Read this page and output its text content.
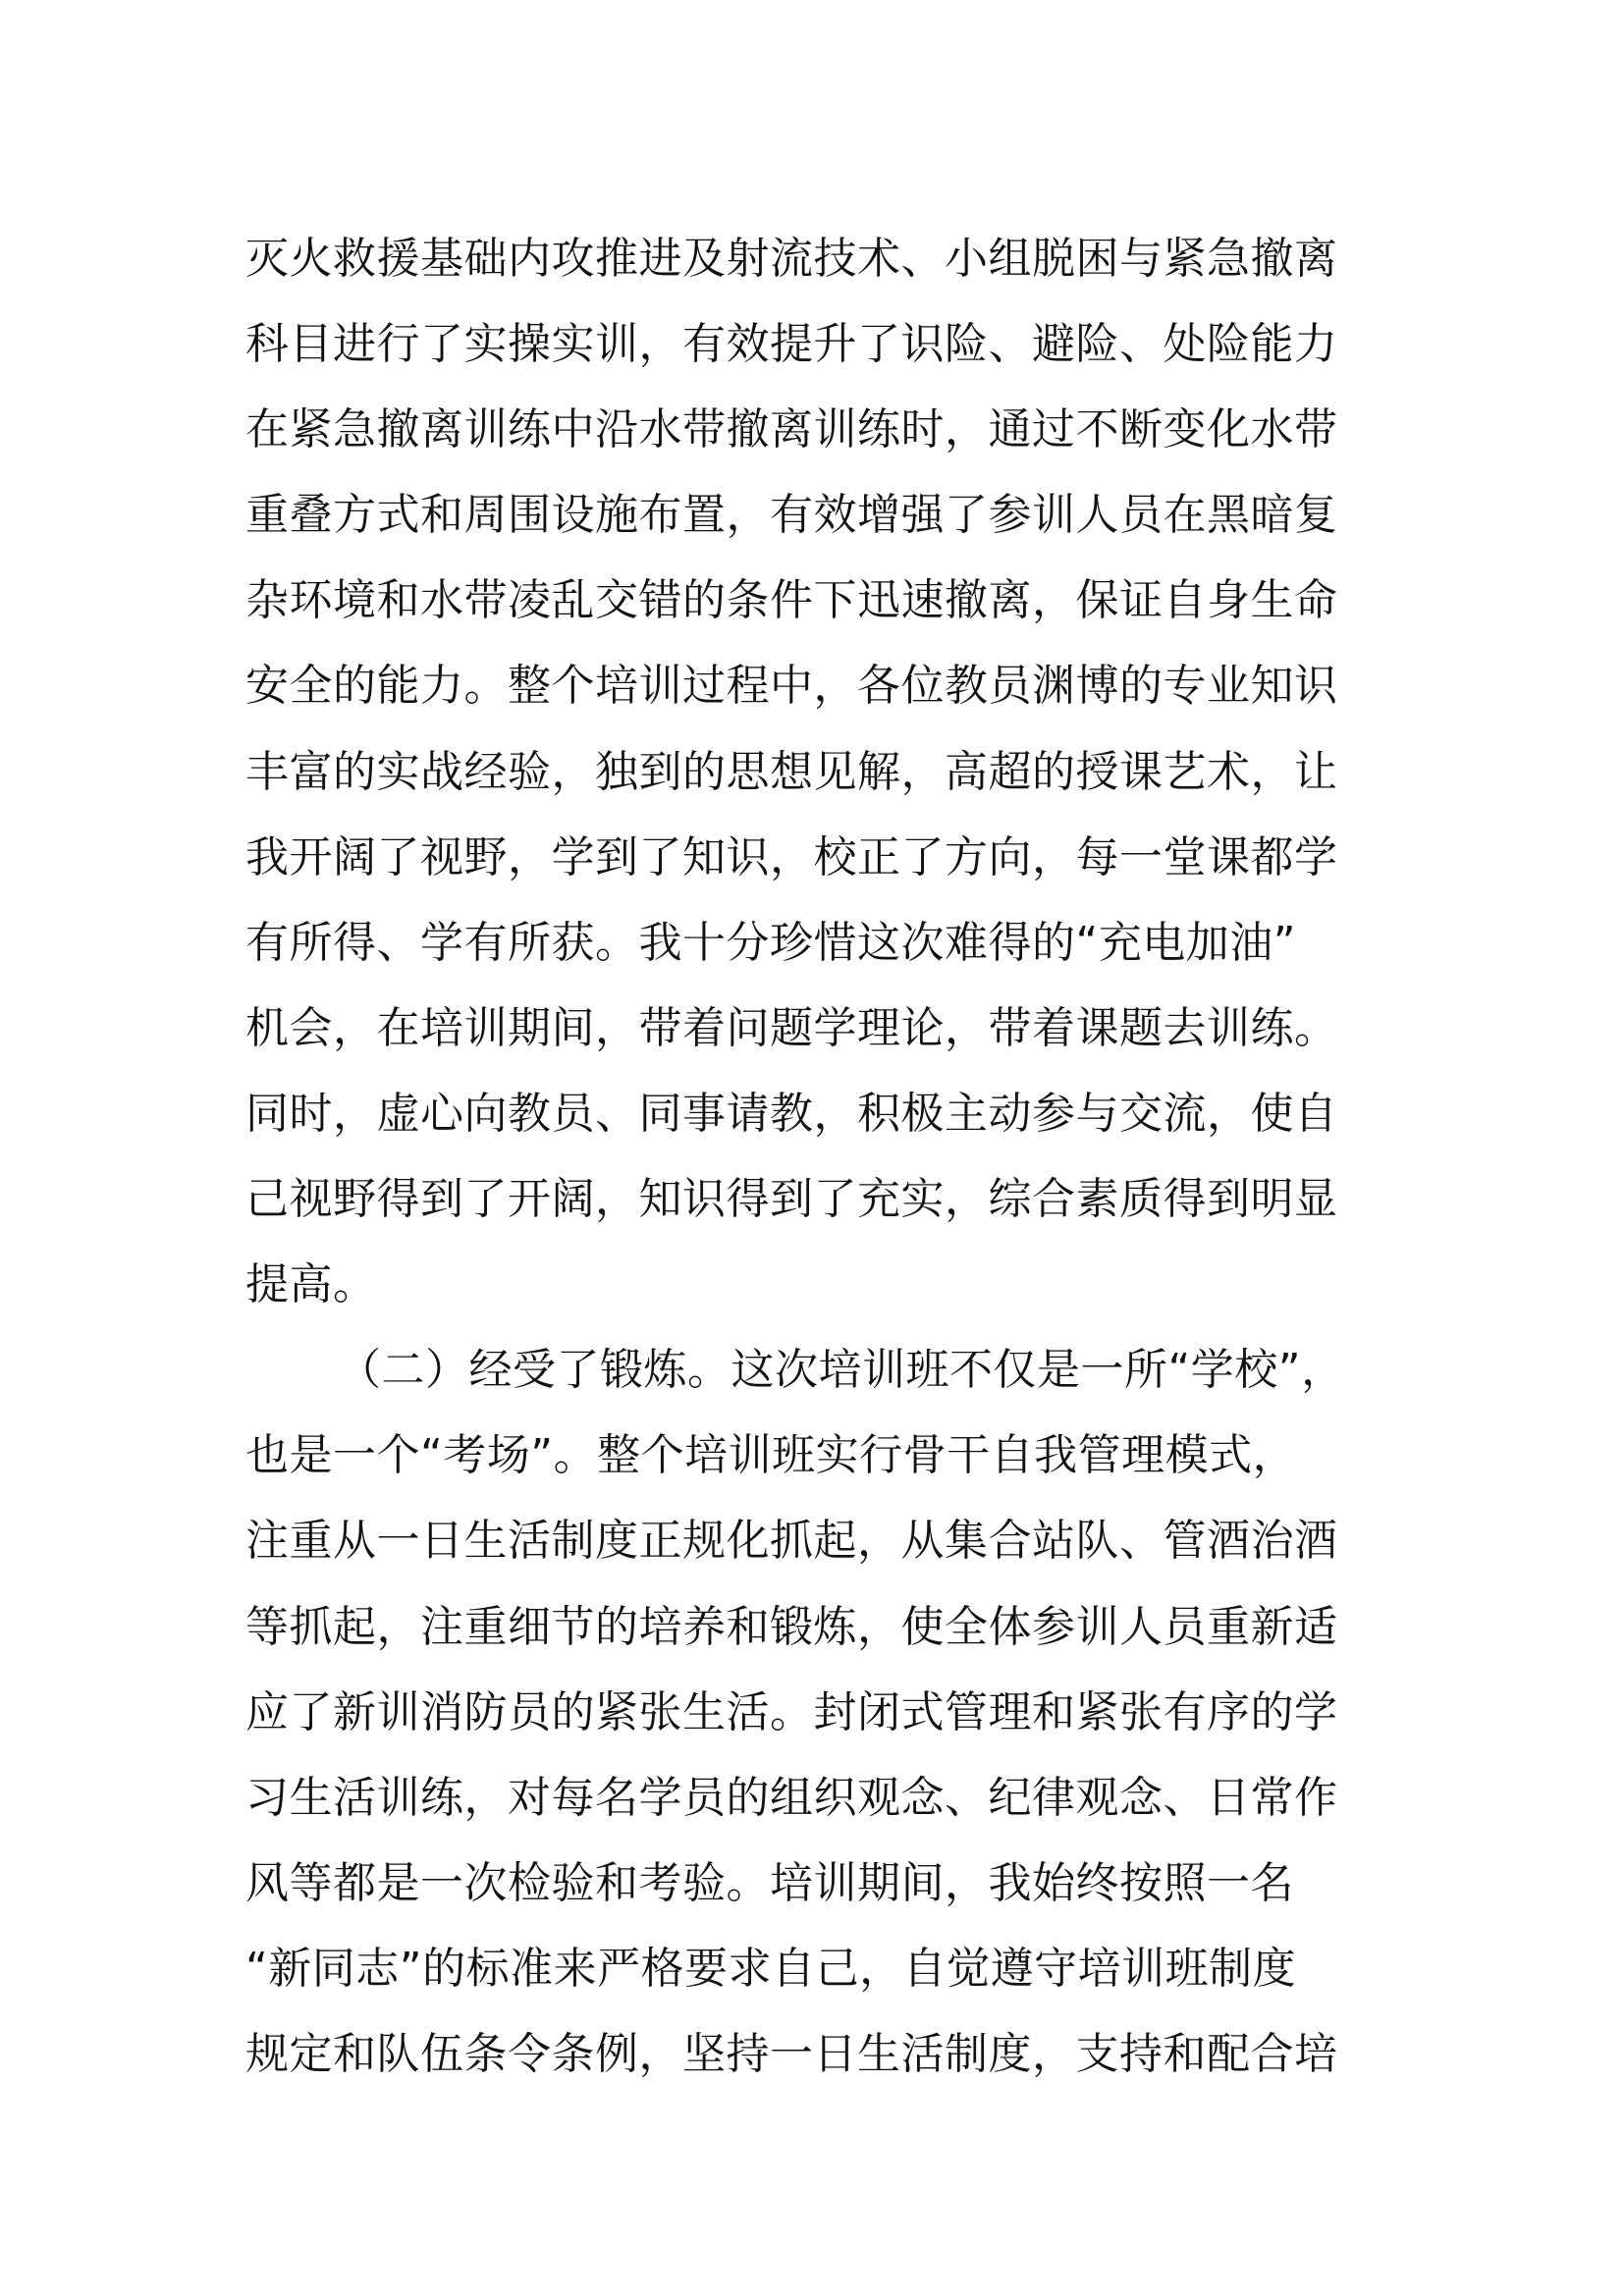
灭火救援基础内攻推进及射流技术、小组脱困与紧急撤离
科目进行了实操实训，有效提升了识险、避险、处险能力
在紧急撤离训练中沿水带撤离训练时，通过不断变化水带
重叠方式和周围设施布置，有效增强了参训人员在黑暗复
杂环境和水带凌乱交错的条件下迅速撤离，保证自身生命
安全的能力。整个培训过程中，各位教员渊博的专业知识
丰富的实战经验，独到的思想见解，高超的授课艺术，让
我开阔了视野，学到了知识，校正了方向，每一堂课都学
有所得、学有所获。我十分珍惜这次难得的“充电加油”
机会，在培训期间，带着问题学理论，带着课题去训练。
同时，虚心向教员、同事请教，积极主动参与交流，使自
己视野得到了开阔，知识得到了充实，综合素质得到明显
提高。
（二）经受了锻炼。这次培训班不仅是一所“学校”，
也是一个“考场”。整个培训班实行骨干自我管理模式，
注重从一日生活制度正规化抓起，从集合站队、管酒治酒
等抓起，注重细节的培养和锻炼，使全体参训人员重新适
应了新训消防员的紧张生活。封闭式管理和紧张有序的学
习生活训练，对每名学员的组织观念、纪律观念、日常作
风等都是一次检验和考验。培训期间，我始终按照一名
“新同志”的标准来严格要求自己，自觉遵守培训班制度
规定和队伍条令条例，坚持一日生活制度，支持和配合培
